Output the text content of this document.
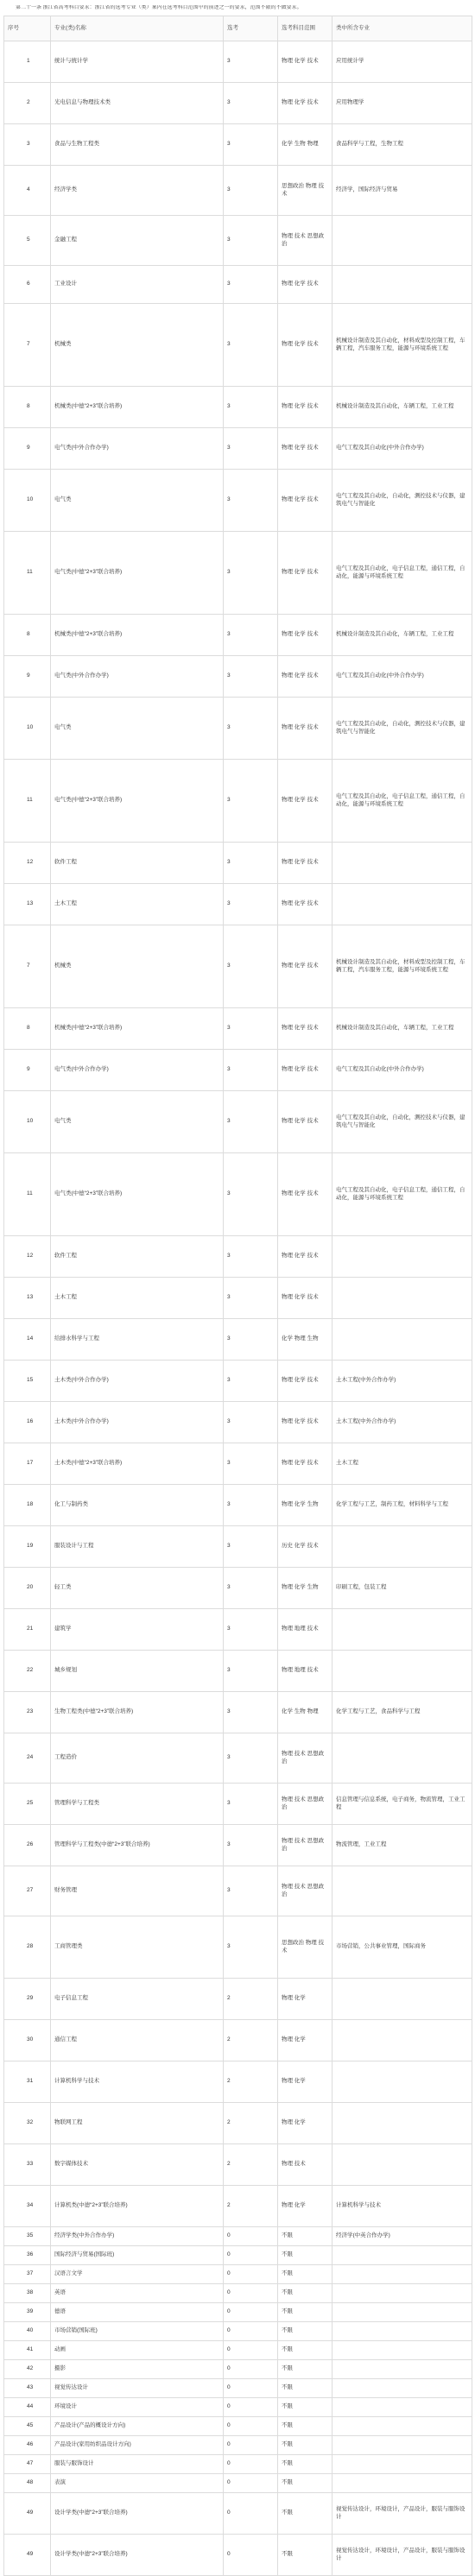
第二十一条 浙江省高考科目要求：浙江省的选考专业（类）案内在选考科目范围中的前述之一的要求，范围不限的不做要求。
序号	专业(类)名称	选考	选考科目范围	类中所含专业
1	统计与统计学	3	物理 化学 技术	应用统计学
2	光电信息与物理技术类	3	物理 化学 技术	应用物理学
3	食品与生物工程类	3	化学 生物 物理	食品科学与工程，生物工程
4	经济学类	3	思想政治 物理 技术	经济学，国际经济与贸易
5	金融工程	3	物理 技术 思想政治	
6	工业设计	3	物理 化学 技术	
7	机械类	3	物理 化学 技术	机械设计制造及其自动化，材料成型及控制工程，车辆工程，汽车服务工程，能源与环境系统工程
8	机械类(中德“2+3”联合培养)	3	物理 化学 技术	机械设计制造及其自动化，车辆工程，工业工程
9	电气类(中外合作办学)	3	物理 化学 技术	电气工程及其自动化(中外合作办学)
10	电气类	3	物理 化学 技术	电气工程及其自动化，自动化，测控技术与仪器，建筑电气与智能化
11	电气类(中德“2+3”联合培养)	3	物理 化学 技术	电气工程及其自动化，电子信息工程，通信工程，自动化，能源与环境系统工程
8	机械类(中德“2+3”联合培养)	3	物理 化学 技术	机械设计制造及其自动化，车辆工程，工业工程
9	电气类(中外合作办学)	3	物理 化学 技术	电气工程及其自动化(中外合作办学)
10	电气类	3	物理 化学 技术	电气工程及其自动化，自动化，测控技术与仪器，建筑电气与智能化
11	电气类(中德“2+3”联合培养)	3	物理 化学 技术	电气工程及其自动化，电子信息工程，通信工程，自动化，能源与环境系统工程
12	软件工程	3	物理 化学 技术	
13	土木工程	3	物理 化学 技术	
7	机械类	3	物理 化学 技术	机械设计制造及其自动化，材料成型及控制工程，车辆工程，汽车服务工程，能源与环境系统工程
8	机械类(中德“2+3”联合培养)	3	物理 化学 技术	机械设计制造及其自动化，车辆工程，工业工程
9	电气类(中外合作办学)	3	物理 化学 技术	电气工程及其自动化(中外合作办学)
10	电气类	3	物理 化学 技术	电气工程及其自动化，自动化，测控技术与仪器，建筑电气与智能化
11	电气类(中德“2+3”联合培养)	3	物理 化学 技术	电气工程及其自动化，电子信息工程，通信工程，自动化，能源与环境系统工程
12	软件工程	3	物理 化学 技术	
13	土木工程	3	物理 化学 技术	
14	给排水科学与工程	3	化学 物理 生物	
15	土木类(中外合作办学)	3	物理 化学 技术	土木工程(中外合作办学)
16	土木类(中外合作办学)	3	物理 化学 技术	土木工程(中外合作办学)
17	土木类(中德“2+3”联合培养)	3	物理 化学 技术	土木工程
18	化工与制药类	3	物理 化学 生物	化学工程与工艺，制药工程，材料科学与工程
19	服装设计与工程	3	历史 化学 技术	
20	轻工类	3	物理 化学 生物	印刷工程，包装工程
21	建筑学	3	物理 地理 技术	
22	城乡规划	3	物理 地理 技术	
23	生物工程类(中德“2+3”联合培养)	3	化学 生物 物理	化学工程与工艺，食品科学与工程
24	工程造价	3	物理 技术 思想政治	
25	管理科学与工程类	3	物理 技术 思想政治	信息管理与信息系统，电子商务，物流管理，工业工程
26	管理科学与工程类(中德“2+3”联合培养)	3	物理 技术 思想政治	物流管理，工业工程
27	财务管理	3	物理 技术 思想政治	
28	工商管理类	3	思想政治 物理 技术	市场营销，公共事业管理，国际商务
29	电子信息工程	2	物理 化学	
30	通信工程	2	物理 化学	
31	计算机科学与技术	2	物理 化学	
32	物联网工程	2	物理 化学	
33	数字媒体技术	2	物理 技术	
34	计算机类(中德“2+3”联合培养)	2	物理 化学	计算机科学与技术
35	经济学类(中外合作办学)	0	不限	经济学(中英合作办学)
36	国际经济与贸易(国际班)	0	不限	
37	汉语言文学	0	不限	
38	英语	0	不限	
39	德语	0	不限	
40	市场营销(国际班)	0	不限	
41	动画	0	不限	
42	摄影	0	不限	
43	视觉传达设计	0	不限	
44	环境设计	0	不限	
45	产品设计(产品的概设计方向)	0	不限	
46	产品设计(家用纺织品设计方向)	0	不限	
47	服装与服饰设计	0	不限	
48	表演	0	不限	
49	设计学类(中德“2+3”联合培养)	0	不限	视觉传达设计，环境设计，产品设计，服装与服饰设计
49	设计学类(中德“2+3”联合培养)	0	不限	视觉传达设计，环境设计，产品设计，服装与服饰设计
